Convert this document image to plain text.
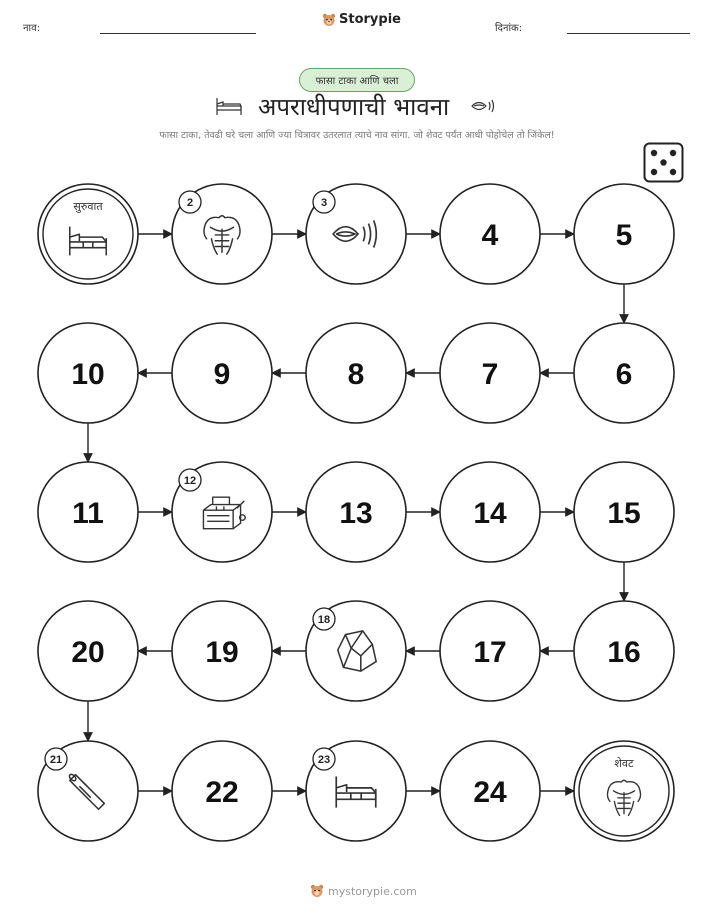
नाव:
Storypie
दिनांक:
फासा टाका आणि चला
अपराधीपणाची भावना
फासा टाका, तेवढी घरे चला आणि ज्या चित्रावर उतरलात त्याचे नाव सांगा. जो शेवट पर्यंत आधी पोहोचेल तो जिंकेल!
सुरुवात	2	3
4	5
6
7
8
9
10
11
12
13	14	15
16
17
18
19
20
21
22
23
24
शेवट
mystorypie.com
